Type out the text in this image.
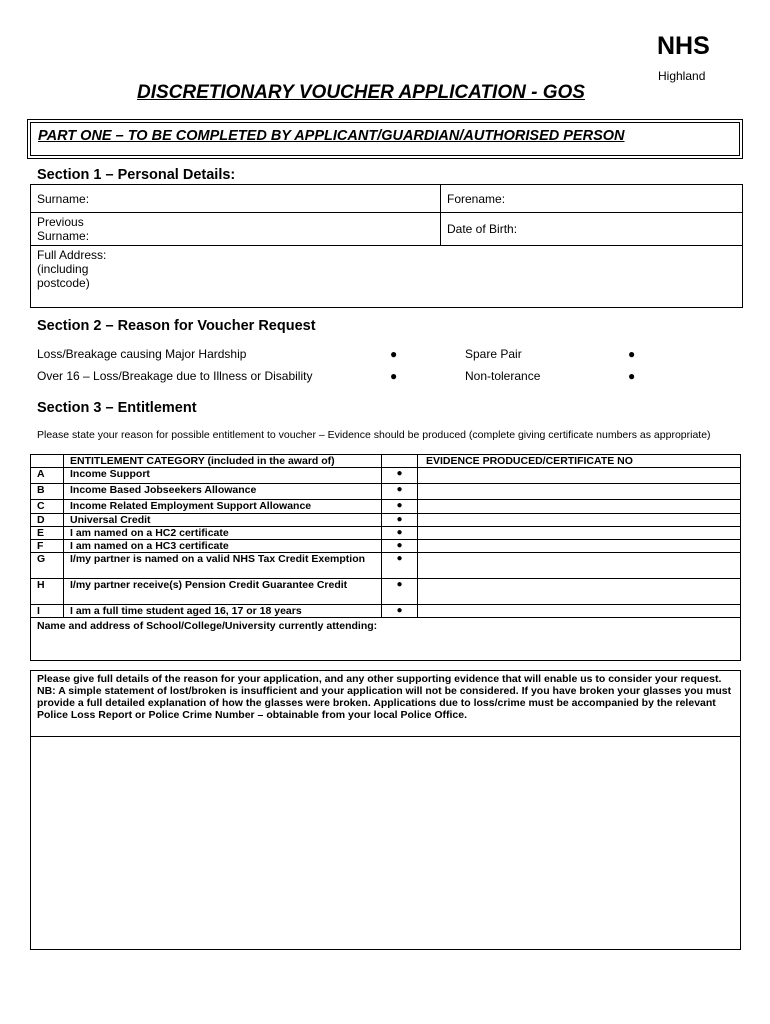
NHS
Highland
DISCRETIONARY VOUCHER APPLICATION - GOS
PART ONE – TO BE COMPLETED BY APPLICANT/GUARDIAN/AUTHORISED PERSON
Section 1 – Personal Details:
Surname:	Forename:

Previous Surname:	Date of Birth:

Full Address: (including postcode)	
Section 2 – Reason for Voucher Request
Loss/Breakage causing Major Hardship	●	Spare Pair	●
Over 16 – Loss/Breakage due to Illness or Disability	●	Non-tolerance	●
Section 3 – Entitlement
Please state your reason for possible entitlement to voucher – Evidence should be produced (complete giving certificate numbers as appropriate)
	ENTITLEMENT CATEGORY (included in the award of)		EVIDENCE PRODUCED/CERTIFICATE NO
A	Income Support	●	
B	Income Based Jobseekers Allowance	●	
C	Income Related Employment Support Allowance	●	
D	Universal Credit	●	
E	I am named on a HC2 certificate	●	
F	I am named on a HC3 certificate	●	
G	I/my partner is named on a valid NHS Tax Credit Exemption	●	
H	I/my partner receive(s) Pension Credit Guarantee Credit	●	
I	I am a full time student aged 16, 17 or 18 years	●	
Name and address of School/College/University currently attending:			
Please give full details of the reason for your application, and any other supporting evidence that will enable us to consider your request. NB: A simple statement of lost/broken is insufficient and your application will not be considered. If you have broken your glasses you must provide a full detailed explanation of how the glasses were broken. Applications due to loss/crime must be accompanied by the relevant Police Loss Report or Police Crime Number – obtainable from your local Police Office.
